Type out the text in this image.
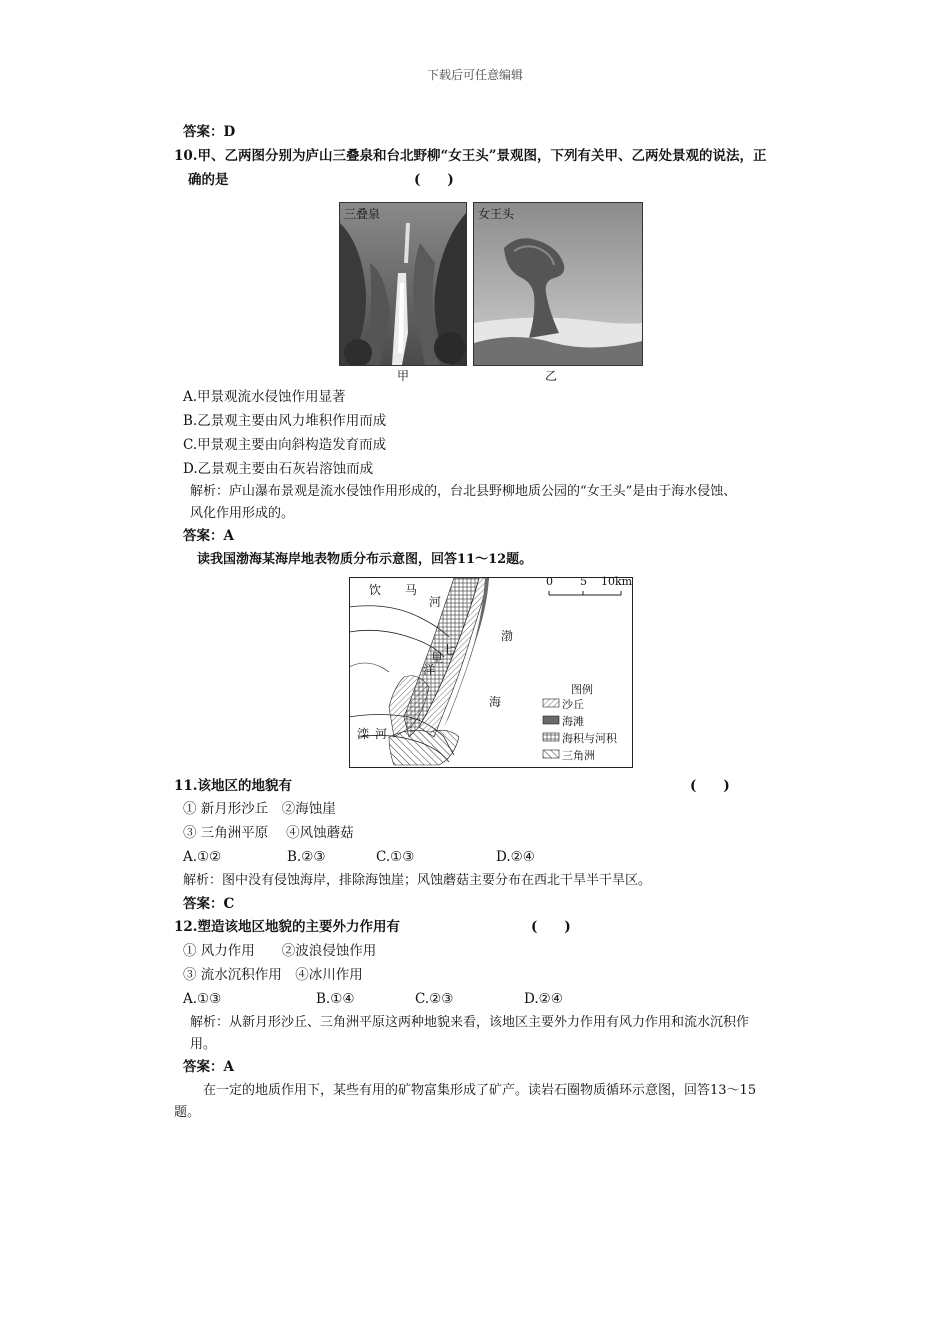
下载后可任意编辑
答案：D
10.甲、乙两图分别为庐山三叠泉和台北野柳“女王头”景观图，下列有关甲、乙两处景观的说法，正
确的是	(　　)
三叠泉	女王头
甲	乙
A.甲景观流水侵蚀作用显著
B.乙景观主要由风力堆积作用而成
C.甲景观主要由向斜构造发育而成
D.乙景观主要由石灰岩溶蚀而成
解析：庐山瀑布景观是流水侵蚀作用形成的，台北县野柳地质公园的“女王头”是由于海水侵蚀、
风化作用形成的。
答案：A
读我国渤海某海岸地表物质分布示意图，回答11～12题。
饮 马
河
渤
海
七
里
洋
滦 河
0 5 10km
图例
沙丘
海滩
海积与河积
三角洲
11.该地区的地貌有	(　　)
① 新月形沙丘　②海蚀崖
③ 三角洲平原　 ④风蚀蘑菇
A.①②	B.②③	C.①③	D.②④
解析：图中没有侵蚀海岸，排除海蚀崖；风蚀蘑菇主要分布在西北干旱半干旱区。
答案：C
12.塑造该地区地貌的主要外力作用有	(　　)
① 风力作用　　②波浪侵蚀作用
③ 流水沉积作用　④冰川作用
A.①③	B.①④	C.②③	D.②④
解析：从新月形沙丘、三角洲平原这两种地貌来看，该地区主要外力作用有风力作用和流水沉积作
用。
答案：A
在一定的地质作用下，某些有用的矿物富集形成了矿产。读岩石圈物质循环示意图，回答13～15
题。
